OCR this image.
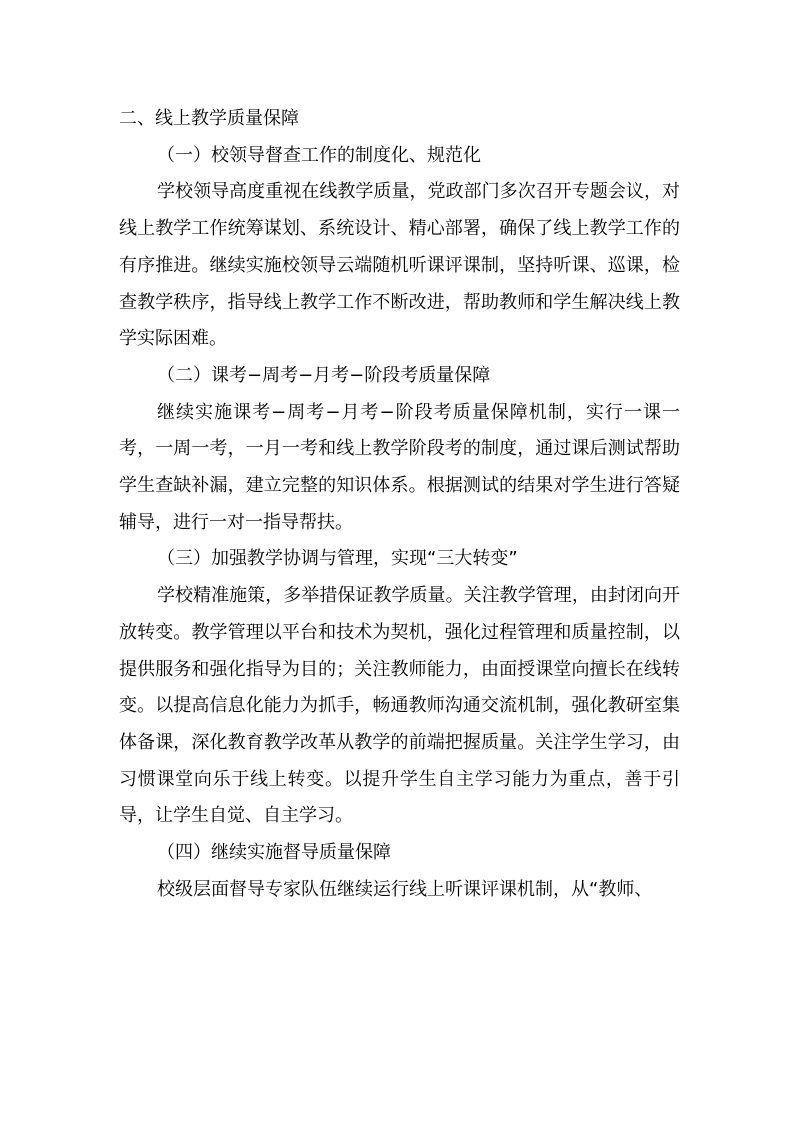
二、线上教学质量保障
（一）校领导督查工作的制度化、规范化

学校领导高度重视在线教学质量，党政部门多次召开专题会议，对线上教学工作统筹谋划、系统设计、精心部署，确保了线上教学工作的有序推进。继续实施校领导云端随机听课评课制，坚持听课、巡课，检查教学秩序，指导线上教学工作不断改进，帮助教师和学生解决线上教学实际困难。

（二）课考−周考−月考−阶段考质量保障

继续实施课考−周考−月考−阶段考质量保障机制，实行一课一考，一周一考，一月一考和线上教学阶段考的制度，通过课后测试帮助学生查缺补漏，建立完整的知识体系。根据测试的结果对学生进行答疑辅导，进行一对一指导帮扶。

（三）加强教学协调与管理，实现“三大转变”

学校精准施策，多举措保证教学质量。关注教学管理，由封闭向开放转变。教学管理以平台和技术为契机，强化过程管理和质量控制，以提供服务和强化指导为目的；关注教师能力，由面授课堂向擅长在线转变。以提高信息化能力为抓手，畅通教师沟通交流机制，强化教研室集体备课，深化教育教学改革从教学的前端把握质量。关注学生学习，由习惯课堂向乐于线上转变。以提升学生自主学习能力为重点，善于引导，让学生自觉、自主学习。

（四）继续实施督导质量保障

校级层面督导专家队伍继续运行线上听课评课机制，从“教师、
